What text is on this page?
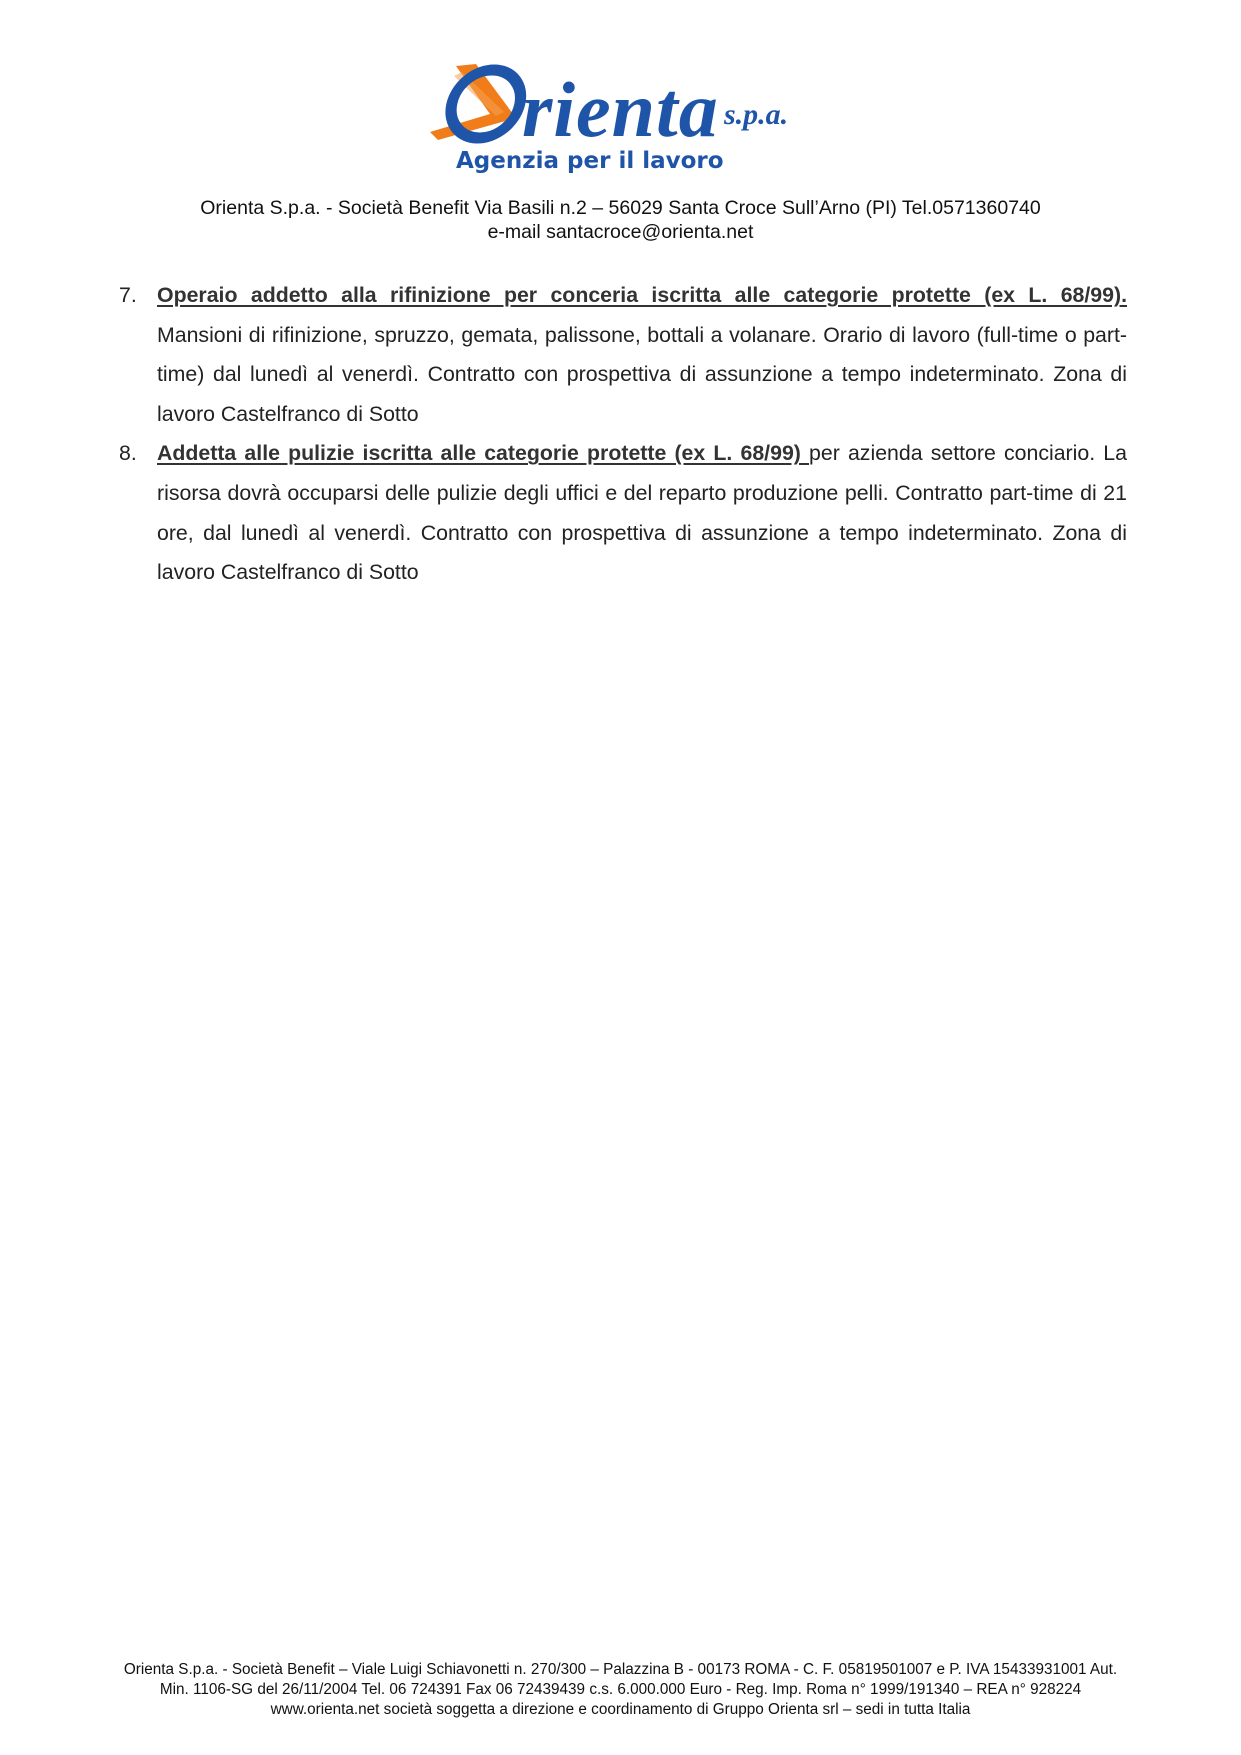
rienta s.p.a.
Agenzia per il lavoro
Orienta S.p.a. - Società Benefit Via Basili n.2 – 56029 Santa Croce Sull’Arno (PI) Tel.0571360740
e-mail santacroce@orienta.net
7. Operaio addetto alla rifinizione per conceria iscritta alle categorie protette (ex L. 68/99). Mansioni di rifinizione, spruzzo, gemata, palissone, bottali a volanare. Orario di lavoro (full-time o part-time) dal lunedì al venerdì. Contratto con prospettiva di assunzione a tempo indeterminato. Zona di lavoro Castelfranco di Sotto
8. Addetta alle pulizie iscritta alle categorie protette (ex L. 68/99) per azienda settore conciario. La risorsa dovrà occuparsi delle pulizie degli uffici e del reparto produzione pelli. Contratto part-time di 21 ore, dal lunedì al venerdì. Contratto con prospettiva di assunzione a tempo indeterminato. Zona di lavoro Castelfranco di Sotto
Orienta S.p.a. - Società Benefit – Viale Luigi Schiavonetti n. 270/300 – Palazzina B - 00173 ROMA - C. F. 05819501007 e P. IVA 15433931001 Aut.
Min. 1106-SG del 26/11/2004 Tel. 06 724391 Fax 06 72439439 c.s. 6.000.000 Euro - Reg. Imp. Roma n° 1999/191340 – REA n° 928224
www.orienta.net società soggetta a direzione e coordinamento di Gruppo Orienta srl – sedi in tutta Italia
